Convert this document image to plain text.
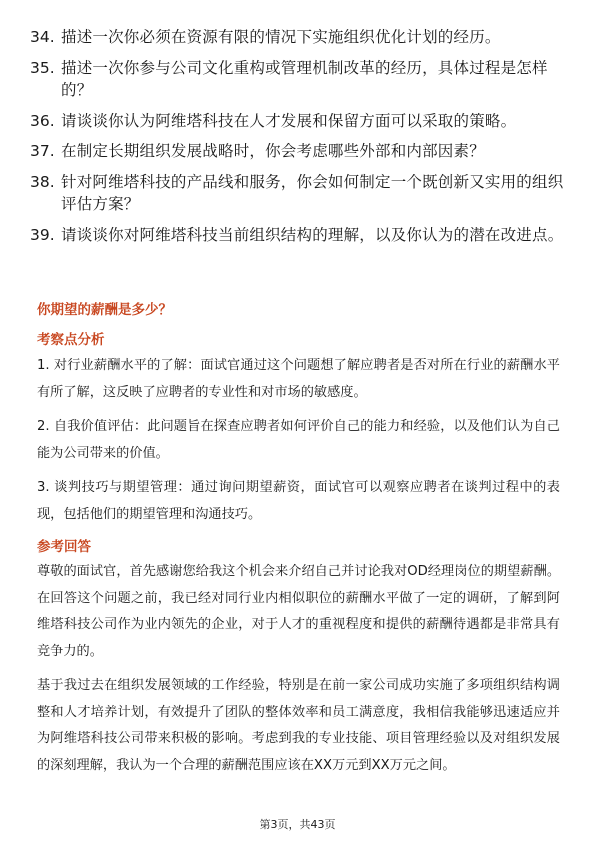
34. 描述一次你必须在资源有限的情况下实施组织优化计划的经历。
35. 描述一次你参与公司文化重构或管理机制改革的经历，具体过程是怎样的？
36. 请谈谈你认为阿维塔科技在人才发展和保留方面可以采取的策略。
37. 在制定长期组织发展战略时，你会考虑哪些外部和内部因素？
38. 针对阿维塔科技的产品线和服务，你会如何制定一个既创新又实用的组织评估方案？
39. 请谈谈你对阿维塔科技当前组织结构的理解，以及你认为的潜在改进点。
你期望的薪酬是多少？
考察点分析

1. 对行业薪酬水平的了解：面试官通过这个问题想了解应聘者是否对所在行业的薪酬水平有所了解，这反映了应聘者的专业性和对市场的敏感度。

2. 自我价值评估：此问题旨在探查应聘者如何评价自己的能力和经验，以及他们认为自己能为公司带来的价值。

3. 谈判技巧与期望管理：通过询问期望薪资，面试官可以观察应聘者在谈判过程中的表现，包括他们的期望管理和沟通技巧。

参考回答

尊敬的面试官，首先感谢您给我这个机会来介绍自己并讨论我对OD经理岗位的期望薪酬。在回答这个问题之前，我已经对同行业内相似职位的薪酬水平做了一定的调研，了解到阿维塔科技公司作为业内领先的企业，对于人才的重视程度和提供的薪酬待遇都是非常具有竞争力的。

基于我过去在组织发展领域的工作经验，特别是在前一家公司成功实施了多项组织结构调整和人才培养计划，有效提升了团队的整体效率和员工满意度，我相信我能够迅速适应并为阿维塔科技公司带来积极的影响。考虑到我的专业技能、项目管理经验以及对组织发展的深刻理解，我认为一个合理的薪酬范围应该在XX万元到XX万元之间。

第3页，共43页
